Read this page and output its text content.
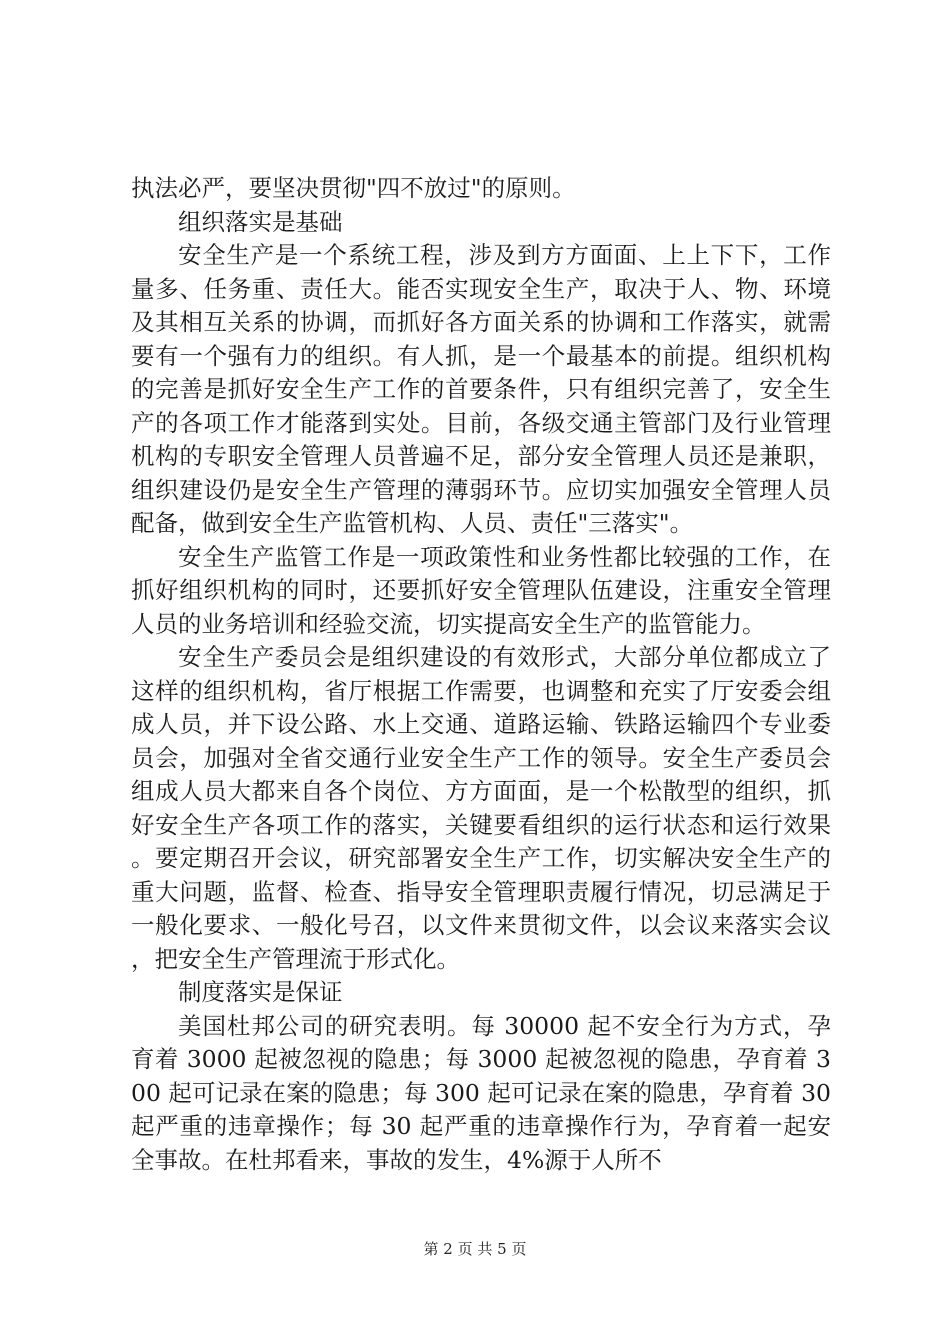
执法必严，要坚决贯彻"四不放过"的原则。

组织落实是基础

安全生产是一个系统工程，涉及到方方面面、上上下下，工作量多、任务重、责任大。能否实现安全生产，取决于人、物、环境及其相互关系的协调，而抓好各方面关系的协调和工作落实，就需要有一个强有力的组织。有人抓，是一个最基本的前提。组织机构的完善是抓好安全生产工作的首要条件，只有组织完善了，安全生产的各项工作才能落到实处。目前，各级交通主管部门及行业管理机构的专职安全管理人员普遍不足，部分安全管理人员还是兼职，组织建设仍是安全生产管理的薄弱环节。应切实加强安全管理人员配备，做到安全生产监管机构、人员、责任"三落实"。

安全生产监管工作是一项政策性和业务性都比较强的工作，在抓好组织机构的同时，还要抓好安全管理队伍建设，注重安全管理人员的业务培训和经验交流，切实提高安全生产的监管能力。

安全生产委员会是组织建设的有效形式，大部分单位都成立了这样的组织机构，省厅根据工作需要，也调整和充实了厅安委会组成人员，并下设公路、水上交通、道路运输、铁路运输四个专业委员会，加强对全省交通行业安全生产工作的领导。安全生产委员会组成人员大都来自各个岗位、方方面面，是一个松散型的组织，抓好安全生产各项工作的落实，关键要看组织的运行状态和运行效果。要定期召开会议，研究部署安全生产工作，切实解决安全生产的重大问题，监督、检查、指导安全管理职责履行情况，切忌满足于一般化要求、一般化号召，以文件来贯彻文件，以会议来落实会议，把安全生产管理流于形式化。

制度落实是保证

美国杜邦公司的研究表明。每 30000 起不安全行为方式，孕育着 3000 起被忽视的隐患；每 3000 起被忽视的隐患，孕育着 300 起可记录在案的隐患；每 300 起可记录在案的隐患，孕育着 30 起严重的违章操作；每 30 起严重的违章操作行为，孕育着一起安全事故。在杜邦看来，事故的发生，4%源于人所不

第 2 页 共 5 页
